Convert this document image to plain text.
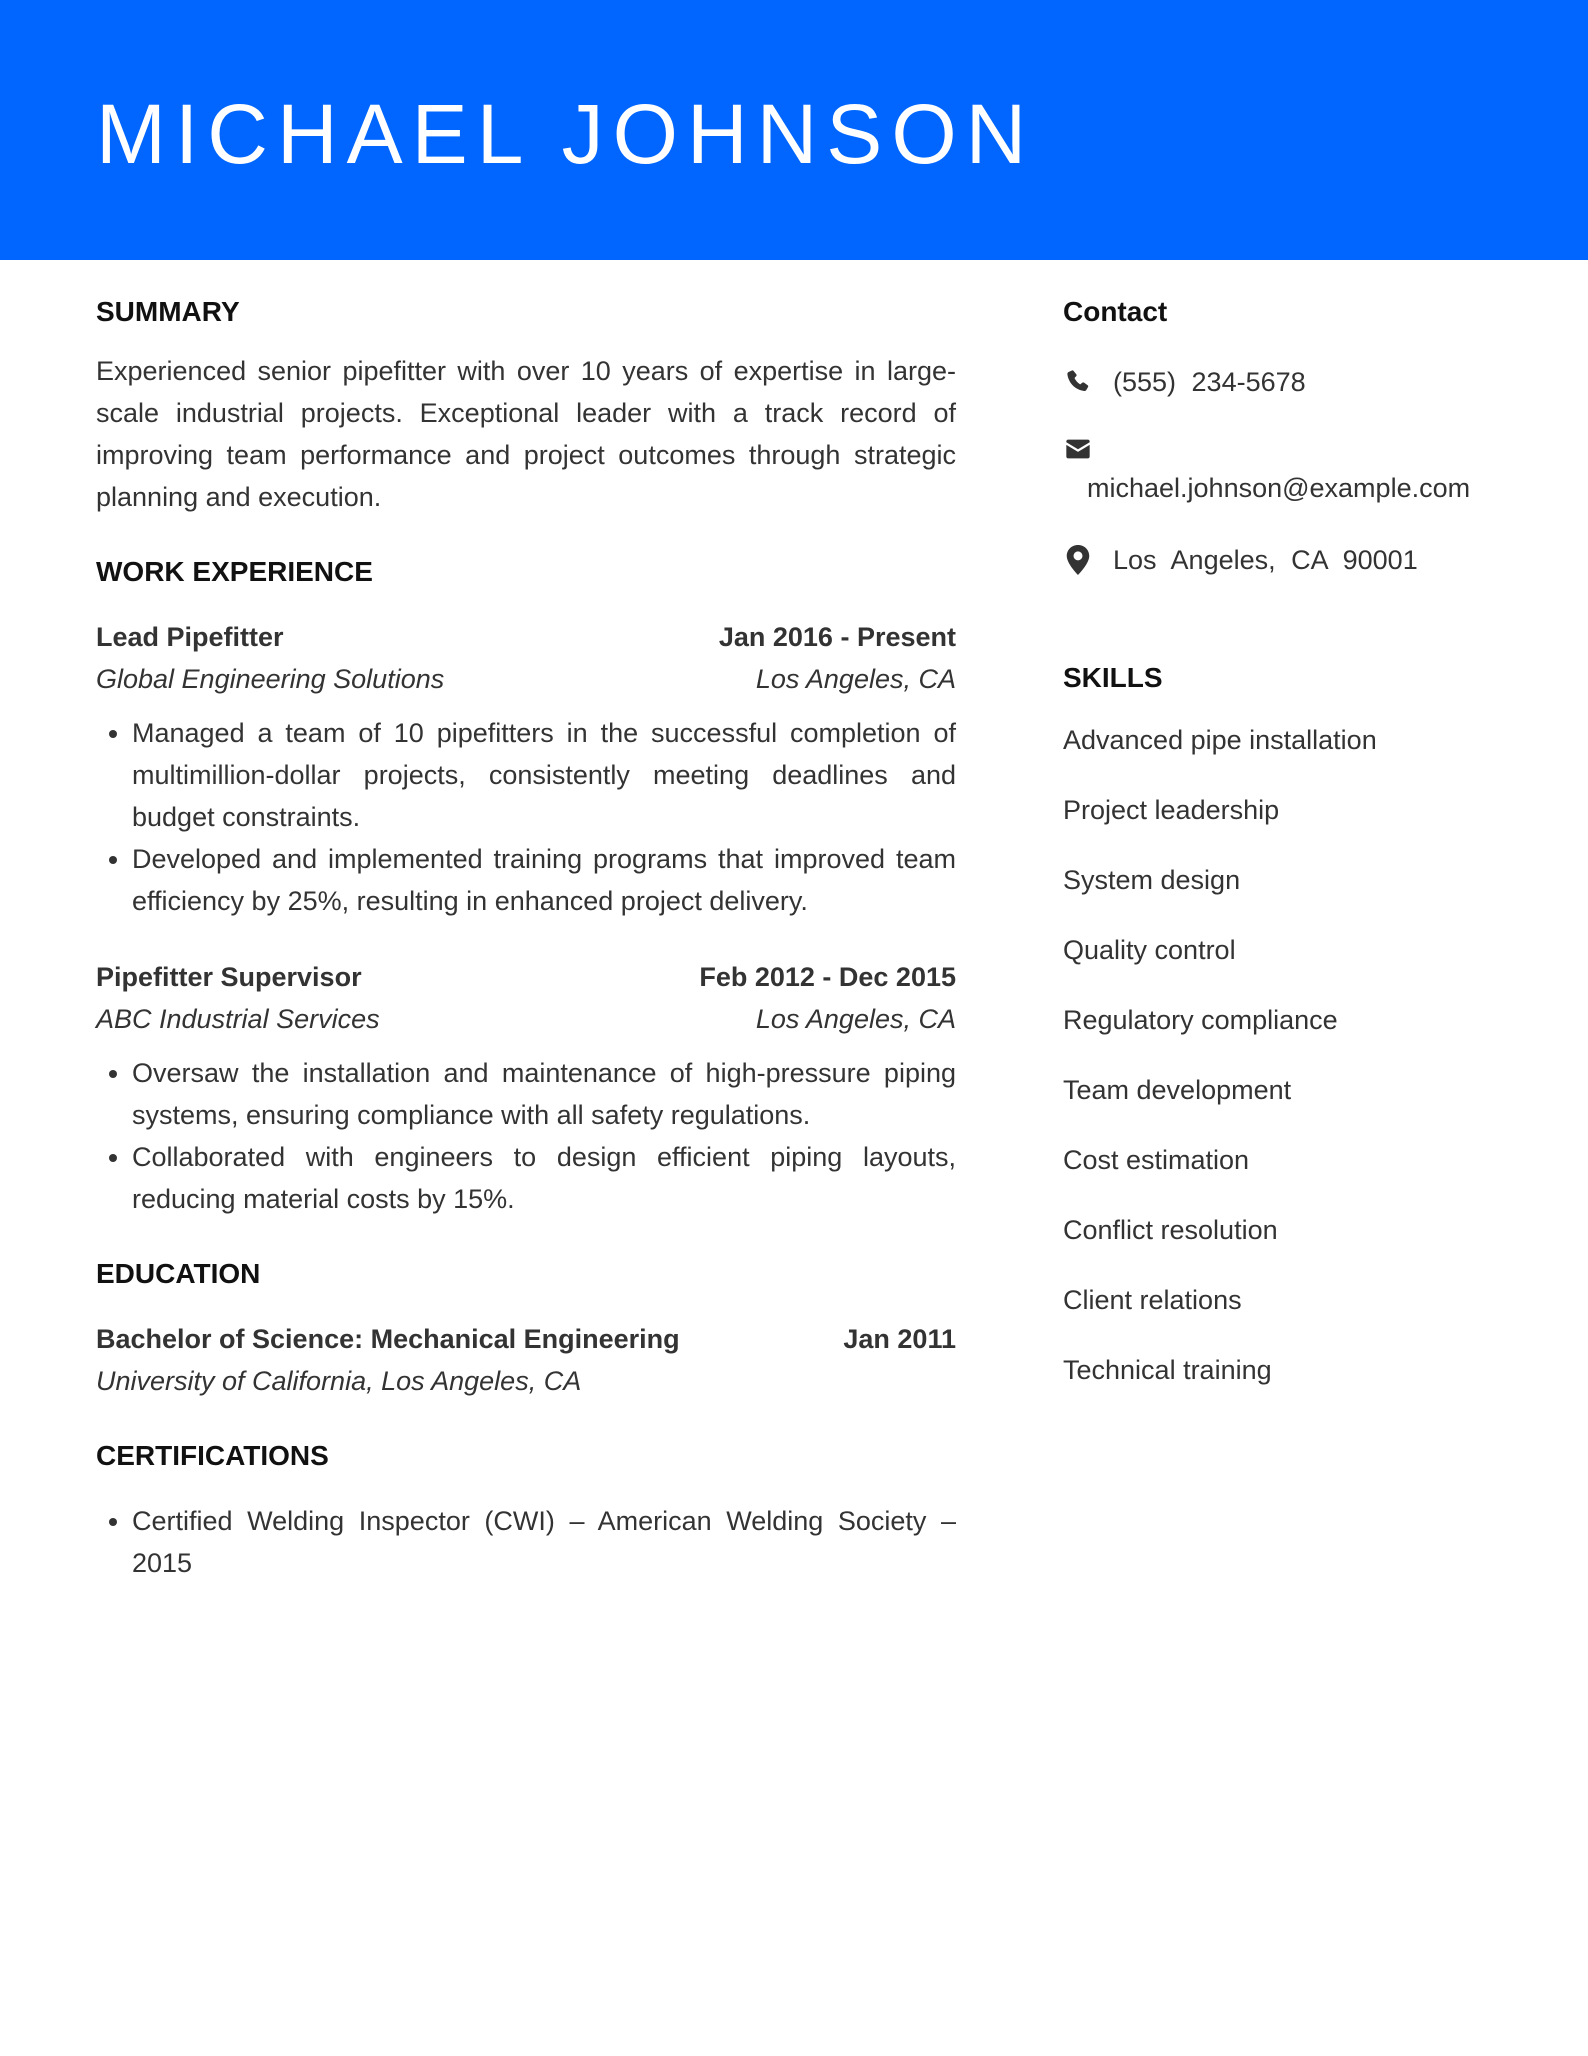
MICHAEL JOHNSON
SUMMARY

Experienced senior pipefitter with over 10 years of expertise in large-scale industrial projects. Exceptional leader with a track record of improving team performance and project outcomes through strategic planning and execution.

WORK EXPERIENCE
Lead Pipefitter	Jan 2016 - Present
Global Engineering Solutions	Los Angeles, CA
• Managed a team of 10 pipefitters in the successful completion of multimillion-dollar projects, consistently meeting deadlines and budget constraints.
• Developed and implemented training programs that improved team efficiency by 25%, resulting in enhanced project delivery.
Pipefitter Supervisor	Feb 2012 - Dec 2015
ABC Industrial Services	Los Angeles, CA
• Oversaw the installation and maintenance of high-pressure piping systems, ensuring compliance with all safety regulations.
• Collaborated with engineers to design efficient piping layouts, reducing material costs by 15%.
EDUCATION
Bachelor of Science: Mechanical Engineering	Jan 2011
University of California, Los Angeles, CA
CERTIFICATIONS
• Certified Welding Inspector (CWI) – American Welding Society – 2015
Contact
(555) 234-5678
michael.johnson@example.com
Los Angeles, CA 90001
SKILLS
Advanced pipe installation
Project leadership
System design
Quality control
Regulatory compliance
Team development
Cost estimation
Conflict resolution
Client relations
Technical training
